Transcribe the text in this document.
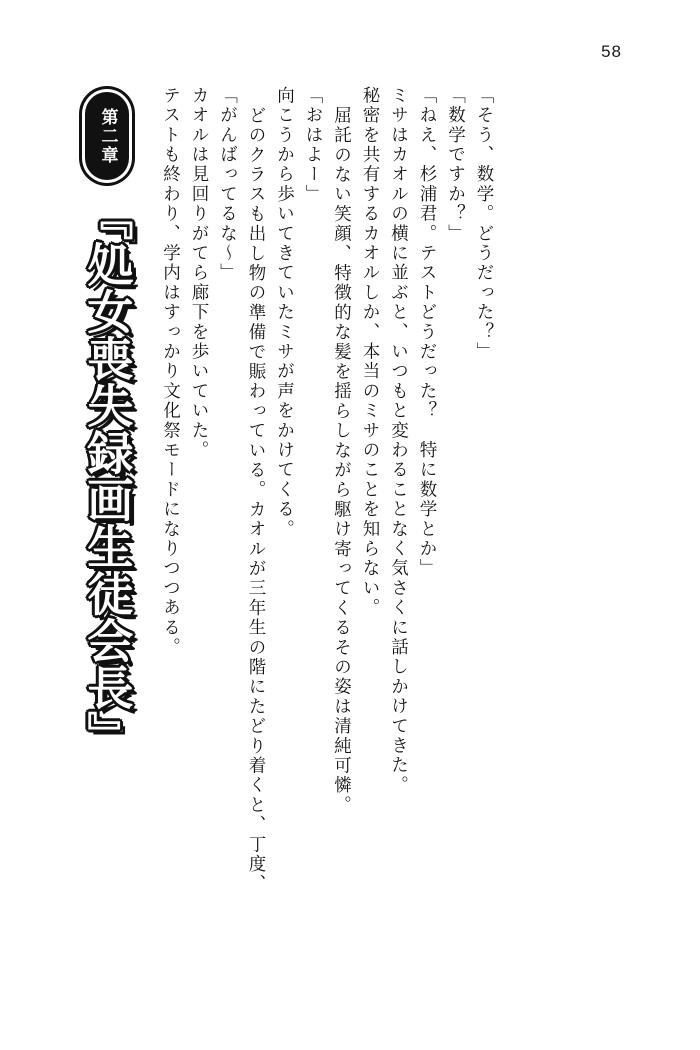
58
第二章
『処女喪失録画生徒会長』 テストも終わり、学内はすっかり文化祭モードになりつつある。 カオルは見回りがてら廊下を歩いていた。 「がんばってるな～」 どのクラスも出し物の準備で賑わっている。カオルが三年生の階にたどり着くと、丁度、 向こうから歩いてきていたミサが声をかけてくる。 「おはよー」 屈託のない笑顔、特徴的な髪を揺らしながら駆け寄ってくるその姿は清純可憐。 秘密を共有するカオルしか、本当のミサのことを知らない。 ミサはカオルの横に並ぶと、いつもと変わることなく気さくに話しかけてきた。 「ねえ、杉浦君。テストどうだった？　特に数学とか」 「数学ですか？」 「そう、数学。どうだった？」
